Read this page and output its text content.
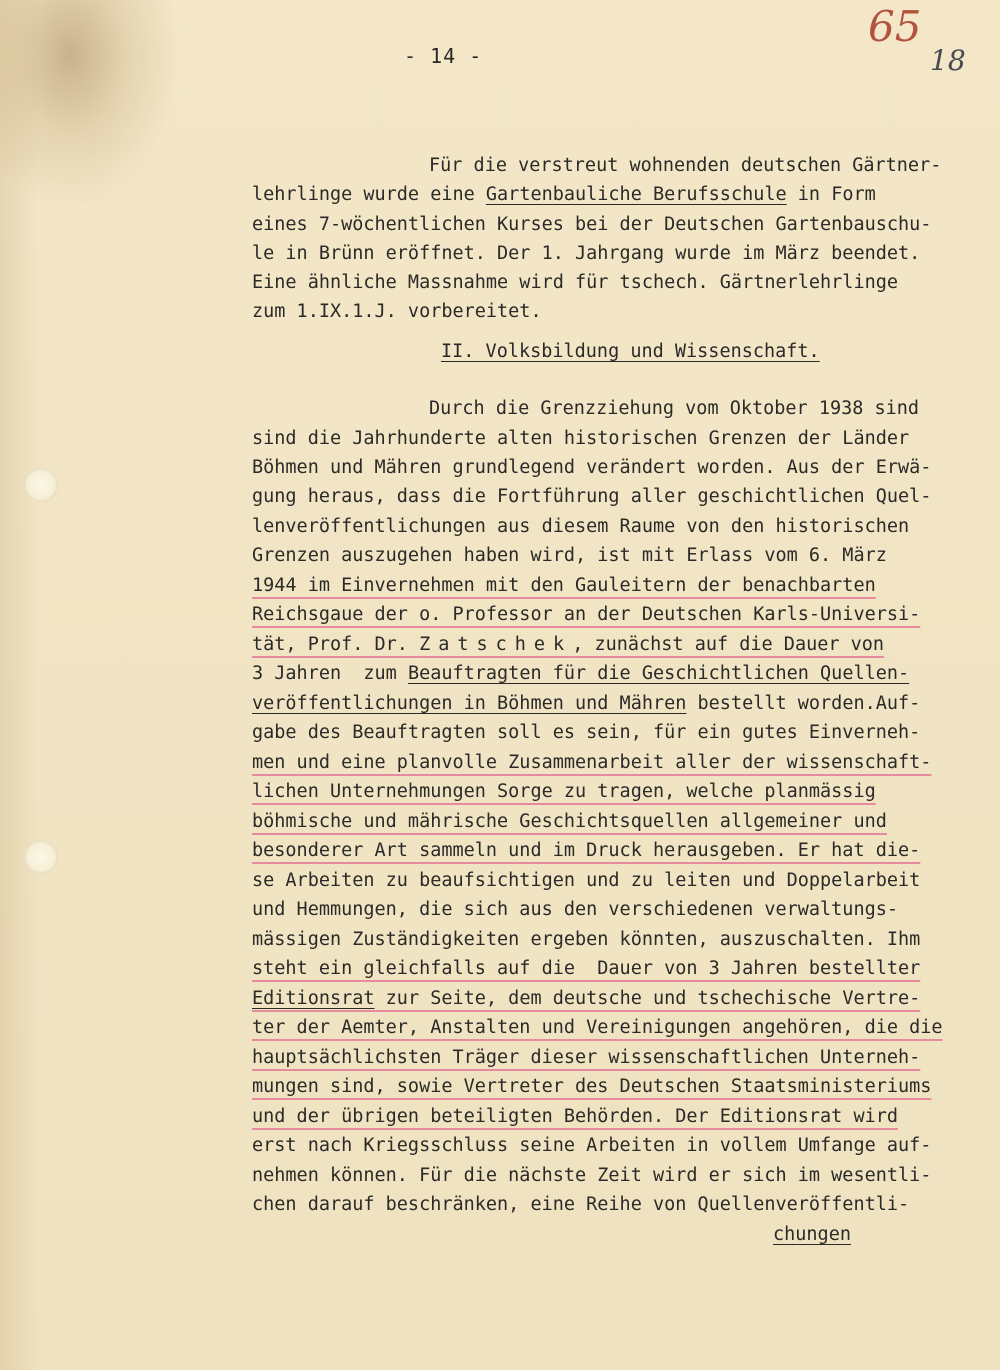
- 14 -
65
18
Für die verstreut wohnenden deutschen Gärtner-
lehrlinge wurde eine Gartenbauliche Berufsschule in Form
eines 7-wöchentlichen Kurses bei der Deutschen Gartenbauschu-
le in Brünn eröffnet. Der 1. Jahrgang wurde im März beendet.
Eine ähnliche Massnahme wird für tschech. Gärtnerlehrlinge
zum 1.IX.1.J. vorbereitet.
II. Volksbildung und Wissenschaft.
Durch die Grenzziehung vom Oktober 1938 sind
sind die Jahrhunderte alten historischen Grenzen der Länder
Böhmen und Mähren grundlegend verändert worden. Aus der Erwä-
gung heraus, dass die Fortführung aller geschichtlichen Quel-
lenveröffentlichungen aus diesem Raume von den historischen
Grenzen auszugehen haben wird, ist mit Erlass vom 6. März
1944 im Einvernehmen mit den Gauleitern der benachbarten
Reichsgaue der o. Professor an der Deutschen Karls-Universi-
tät, Prof. Dr. Zatschek, zunächst auf die Dauer von
3 Jahren  zum Beauftragten für die Geschichtlichen Quellen-
veröffentlichungen in Böhmen und Mähren bestellt worden.Auf-
gabe des Beauftragten soll es sein, für ein gutes Einverneh-
men und eine planvolle Zusammenarbeit aller der wissenschaft-
lichen Unternehmungen Sorge zu tragen, welche planmässig
böhmische und mährische Geschichtsquellen allgemeiner und
besonderer Art sammeln und im Druck herausgeben. Er hat die-
se Arbeiten zu beaufsichtigen und zu leiten und Doppelarbeit
und Hemmungen, die sich aus den verschiedenen verwaltungs-
mässigen Zuständigkeiten ergeben könnten, auszuschalten. Ihm
steht ein gleichfalls auf die  Dauer von 3 Jahren bestellter
Editionsrat zur Seite, dem deutsche und tschechische Vertre-
ter der Aemter, Anstalten und Vereinigungen angehören, die die
hauptsächlichsten Träger dieser wissenschaftlichen Unterneh-
mungen sind, sowie Vertreter des Deutschen Staatsministeriums
und der übrigen beteiligten Behörden. Der Editionsrat wird
erst nach Kriegsschluss seine Arbeiten in vollem Umfange auf-
nehmen können. Für die nächste Zeit wird er sich im wesentli-
chen darauf beschränken, eine Reihe von Quellenveröffentli-
chungen
